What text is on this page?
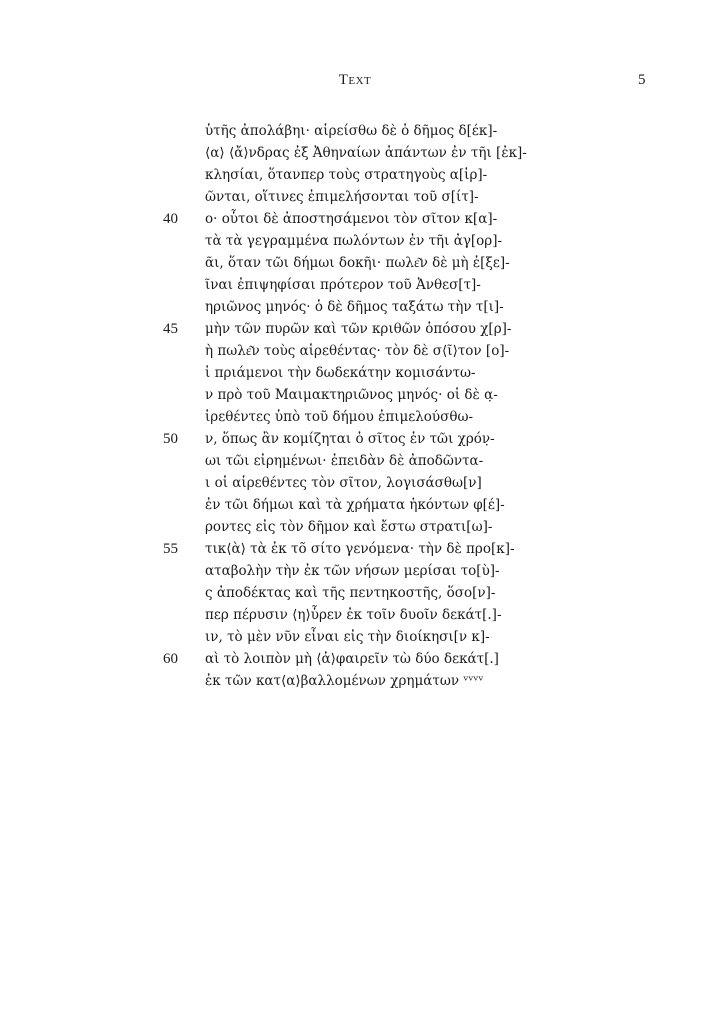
Text	5
ὑτῆς ἀπολάβηι· αἱρείσθω δὲ ὁ δῆμος δ[έκ]-
⟨α⟩ ⟨ἄ⟩νδρας ἐξ Ἀθηναίων ἁπάντων ἐν τῆι [ἐκ]-
κλησίαι, ὅτανπερ τοὺς στρατηγοὺς α[ἱρ]-
ῶνται, οἵτινες ἐπιμελήσονται τοῦ σ[ίτ]-
40	ο· οὗτοι δὲ ἀποστησάμενοι τὸν σῖτον κ[α]-
τὰ τὰ γεγραμμένα πωλόντων ἐν τῆι ἀγ[ορ]-
ᾶι, ὅταν τῶι δήμωι δοκῆι· πωλε͂ν δὲ μὴ ἐ[ξε]-
ῖναι ἐπιψηφίσαι πρότερον τοῦ Ἀνθεσ[τ]-
ηριῶνος μηνός· ὁ δὲ δῆμος ταξάτω τὴν τ[ι]-
45	μὴν τῶν πυρῶν καὶ τῶν κριθῶν ὁπόσου χ[ρ]-
ὴ πωλε͂ν τοὺς αἱρεθέντας· τὸν δὲ σ⟨ῖ⟩τον [ο]-
ἱ πριάμενοι τὴν δωδεκάτην κομισάντω-
ν πρὸ τοῦ Μαιμακτηριῶνος μηνός· οἱ δὲ α̣-
ἱρεθέντες ὑπὸ τοῦ δήμου ἐπιμελούσθω-
50	ν, ὅπως ἂν κομίζηται ὁ σῖτος ἐν τῶι χρόν̣-
ωι τῶι εἰρημένωι· ἐπειδὰν δὲ ἀποδῶντα-
ι οἱ αἱρεθέντες τὸν σῖτον, λογισάσθω[ν]
ἐν τῶι δήμωι καὶ τὰ χρήματα ἡκόντων φ[έ]-
ροντες εἰς τὸν δῆμον καὶ ἔστω στρατι[ω]-
55	τικ⟨ὰ⟩ τὰ ἐκ τõ σίτο γενόμενα· τὴν δὲ προ[κ]-
αταβολὴν τὴν ἐκ τῶν νήσων μερίσαι το[ὺ]-
ς ἀποδέκτας καὶ τῆς πεντηκοστῆς, ὅσο[ν]-
περ πέρυσιν ⟨η⟩ὗρεν ἐκ τοῖν δυοῖν δεκάτ[.]-
ιν, τὸ μὲν νῦν εἶναι εἰς τὴν διοίκησι[ν κ]-
60	αὶ τὸ λοιπὸν μὴ ⟨ἀ⟩φαιρεῖν τὼ δύο δεκάτ[.]
ἐκ τῶν κατ⟨α⟩βαλλομένων χρημάτων ᵛᵛᵛᵛ
